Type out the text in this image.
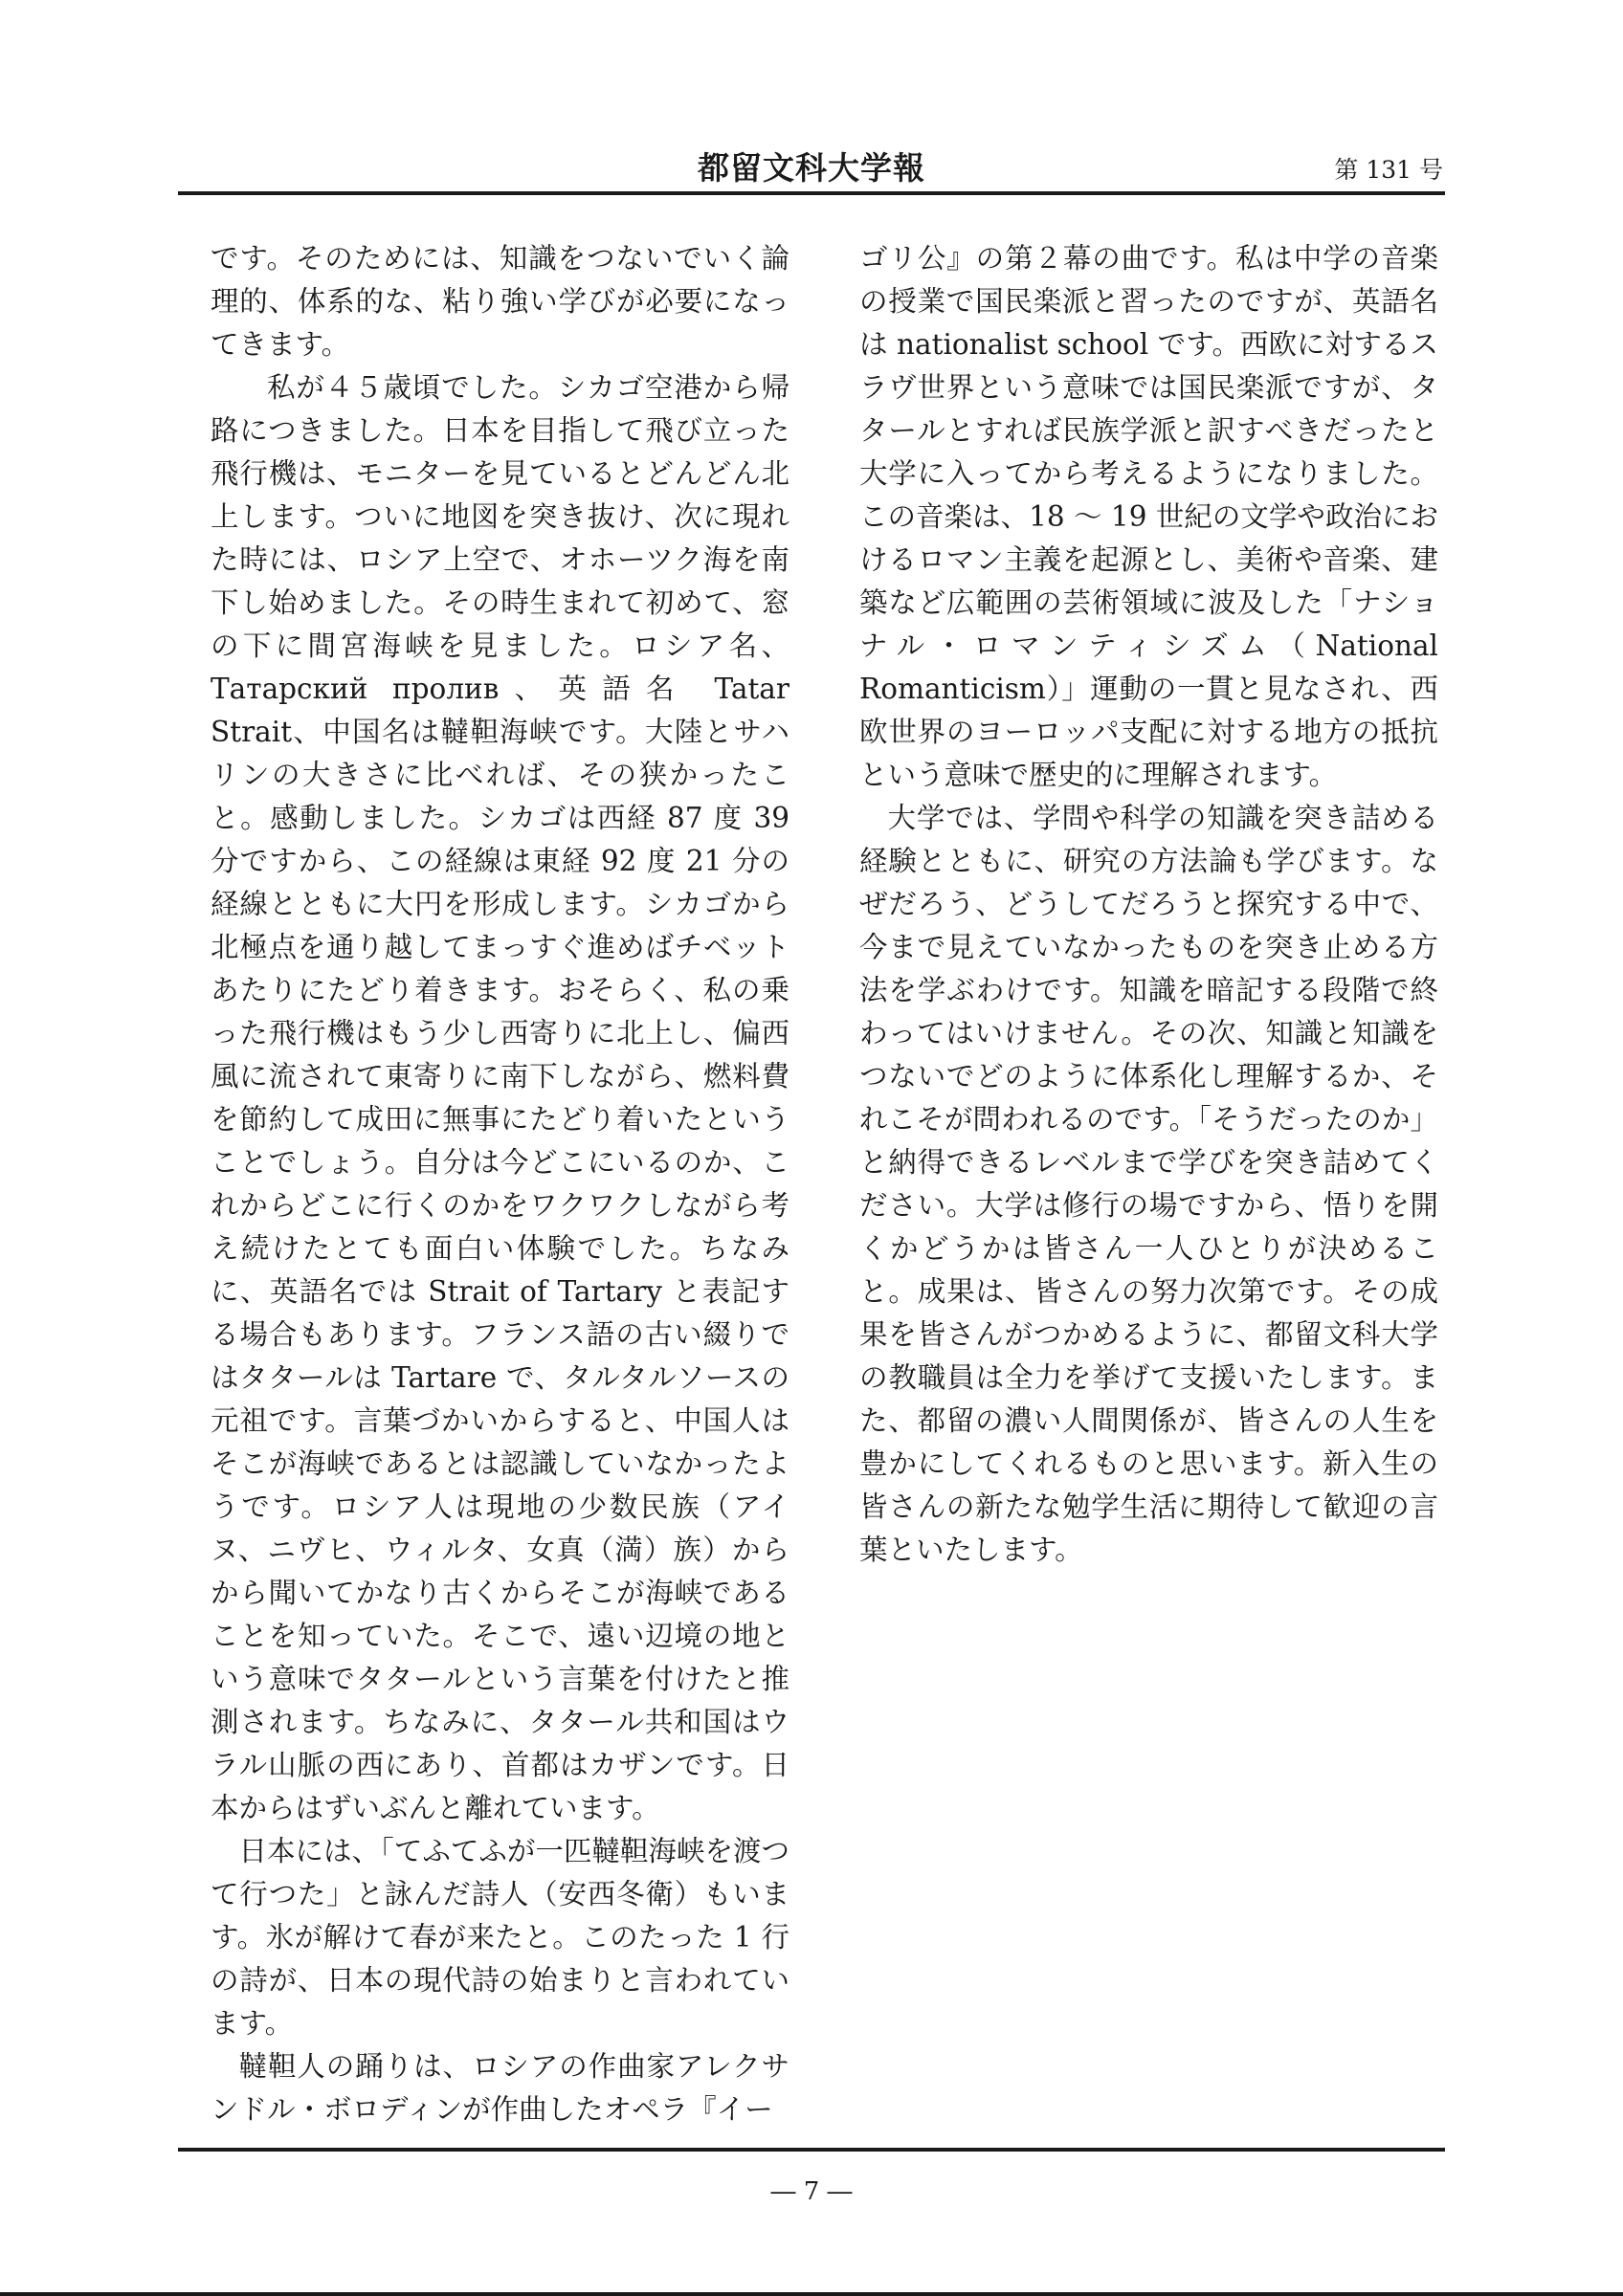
都留文科大学報	第 131 号

です。そのためには、知識をつないでいく論理的、体系的な、粘り強い学びが必要になってきます。

私が４５歳頃でした。シカゴ空港から帰路につきました。日本を目指して飛び立った飛行機は、モニターを見ているとどんどん北上します。ついに地図を突き抜け、次に現れた時には、ロシア上空で、オホーツク海を南下し始めました。その時生まれて初めて、窓の下に間宮海峡を見ました。ロシア名、Татарский пролив、英語名 Tatar Strait、中国名は韃靼海峡です。大陸とサハリンの大きさに比べれば、その狭かったこと。感動しました。シカゴは西経 87 度 39 分ですから、この経線は東経 92 度 21 分の経線とともに大円を形成します。シカゴから北極点を通り越してまっすぐ進めばチベットあたりにたどり着きます。おそらく、私の乗った飛行機はもう少し西寄りに北上し、偏西風に流されて東寄りに南下しながら、燃料費を節約して成田に無事にたどり着いたということでしょう。自分は今どこにいるのか、これからどこに行くのかをワクワクしながら考え続けたとても面白い体験でした。ちなみに、英語名では Strait of Tartary と表記する場合もあります。フランス語の古い綴りではタタールは Tartare で、タルタルソースの元祖です。言葉づかいからすると、中国人はそこが海峡であるとは認識していなかったようです。ロシア人は現地の少数民族（アイヌ、ニヴヒ、ウィルタ、女真（満）族）からから聞いてかなり古くからそこが海峡であることを知っていた。そこで、遠い辺境の地という意味でタタールという言葉を付けたと推測されます。ちなみに、タタール共和国はウラル山脈の西にあり、首都はカザンです。日本からはずいぶんと離れています。

日本には、「てふてふが一匹韃靼海峡を渡つて行つた」と詠んだ詩人（安西冬衛）もいます。氷が解けて春が来たと。このたった 1 行の詩が、日本の現代詩の始まりと言われています。

韃靼人の踊りは、ロシアの作曲家アレクサンドル・ボロディンが作曲したオペラ『イー

ゴリ公』の第２幕の曲です。私は中学の音楽の授業で国民楽派と習ったのですが、英語名は nationalist school です。西欧に対するスラヴ世界という意味では国民楽派ですが、タタールとすれば民族学派と訳すべきだったと大学に入ってから考えるようになりました。この音楽は、18 ～ 19 世紀の文学や政治におけるロマン主義を起源とし、美術や音楽、建築など広範囲の芸術領域に波及した「ナショナル・ロマンティシズム（National Romanticism）」運動の一貫と見なされ、西欧世界のヨーロッパ支配に対する地方の抵抗という意味で歴史的に理解されます。

大学では、学問や科学の知識を突き詰める経験とともに、研究の方法論も学びます。なぜだろう、どうしてだろうと探究する中で、今まで見えていなかったものを突き止める方法を学ぶわけです。知識を暗記する段階で終わってはいけません。その次、知識と知識をつないでどのように体系化し理解するか、それこそが問われるのです。「そうだったのか」と納得できるレベルまで学びを突き詰めてください。大学は修行の場ですから、悟りを開くかどうかは皆さん一人ひとりが決めること。成果は、皆さんの努力次第です。その成果を皆さんがつかめるように、都留文科大学の教職員は全力を挙げて支援いたします。また、都留の濃い人間関係が、皆さんの人生を豊かにしてくれるものと思います。新入生の皆さんの新たな勉学生活に期待して歓迎の言葉といたします。

― 7 ―
